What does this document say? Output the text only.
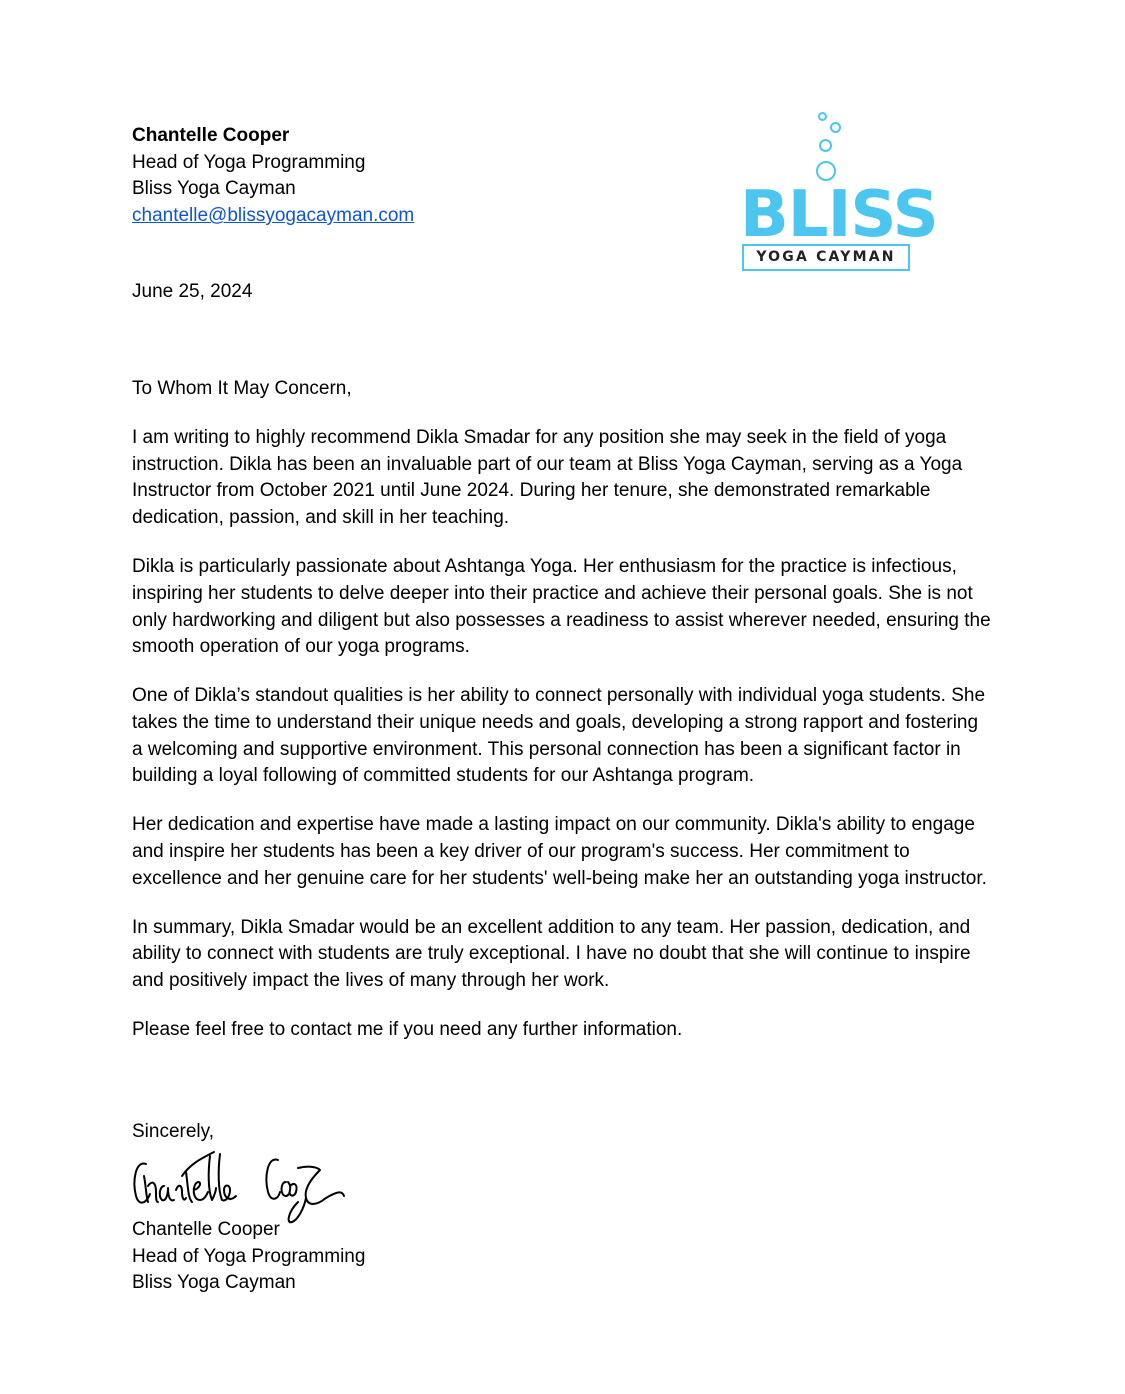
Chantelle Cooper
Head of Yoga Programming
Bliss Yoga Cayman
chantelle@blissyogacayman.com	BLISS
YOGA CAYMAN
June 25, 2024

To Whom It May Concern,

I am writing to highly recommend Dikla Smadar for any position she may seek in the field of yoga instruction. Dikla has been an invaluable part of our team at Bliss Yoga Cayman, serving as a Yoga Instructor from October 2021 until June 2024. During her tenure, she demonstrated remarkable dedication, passion, and skill in her teaching.

Dikla is particularly passionate about Ashtanga Yoga. Her enthusiasm for the practice is infectious, inspiring her students to delve deeper into their practice and achieve their personal goals. She is not only hardworking and diligent but also possesses a readiness to assist wherever needed, ensuring the smooth operation of our yoga programs.

One of Dikla’s standout qualities is her ability to connect personally with individual yoga students. She takes the time to understand their unique needs and goals, developing a strong rapport and fostering a welcoming and supportive environment. This personal connection has been a significant factor in building a loyal following of committed students for our Ashtanga program.

Her dedication and expertise have made a lasting impact on our community. Dikla's ability to engage and inspire her students has been a key driver of our program's success. Her commitment to excellence and her genuine care for her students' well-being make her an outstanding yoga instructor.

In summary, Dikla Smadar would be an excellent addition to any team. Her passion, dedication, and ability to connect with students are truly exceptional. I have no doubt that she will continue to inspire and positively impact the lives of many through her work.

Please feel free to contact me if you need any further information.

Sincerely,
Chantelle Cooper
Head of Yoga Programming
Bliss Yoga Cayman
